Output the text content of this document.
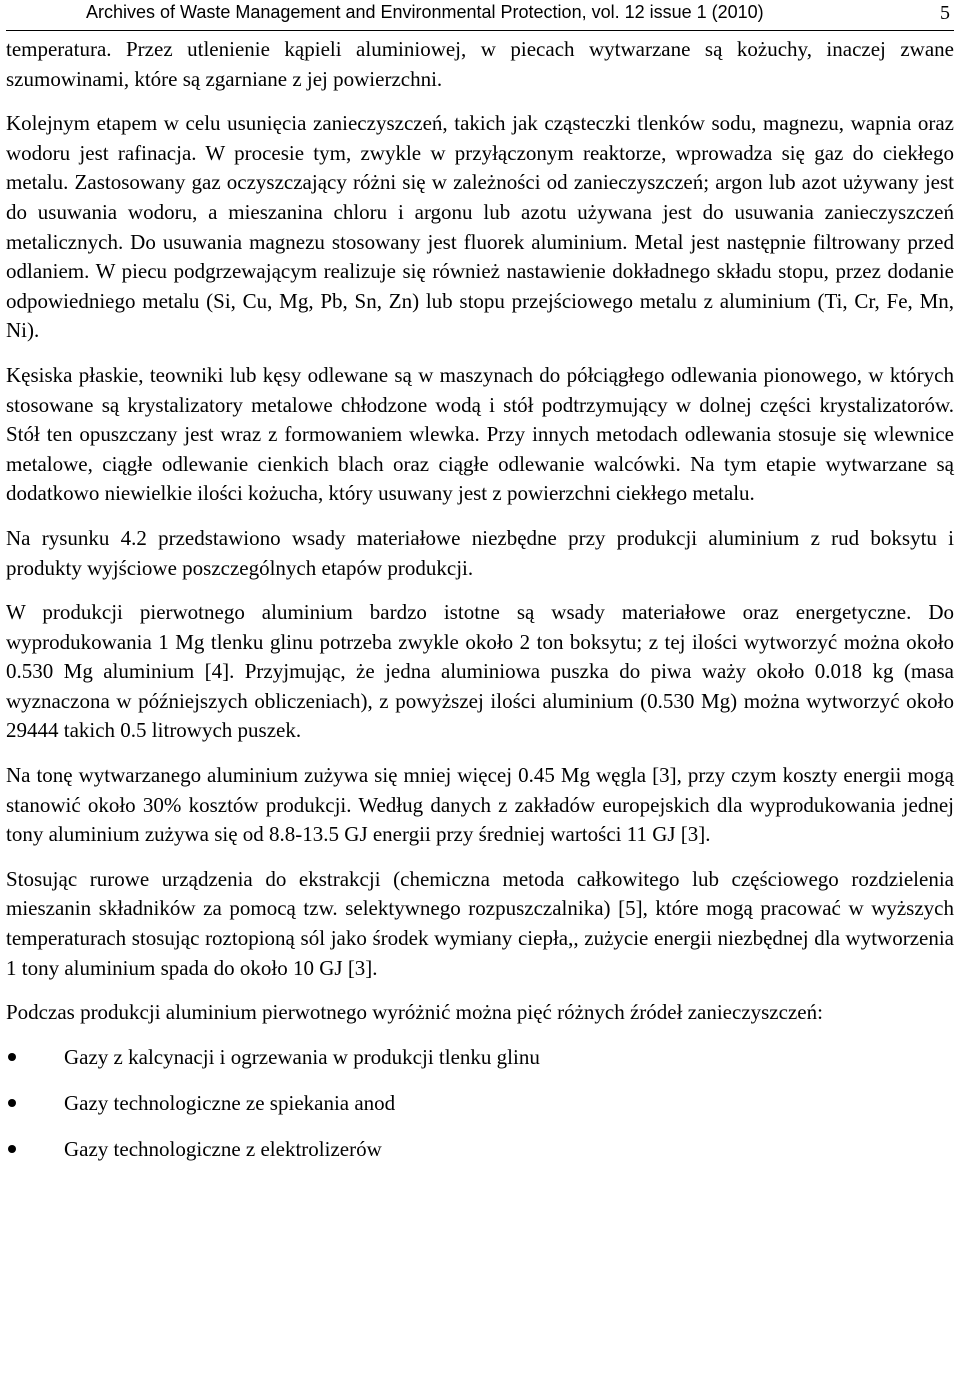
Archives of Waste Management and Environmental Protection, vol. 12 issue 1 (2010)	5

temperatura. Przez utlenienie kąpieli aluminiowej, w piecach wytwarzane są kożuchy, inaczej zwane szumowinami, które są zgarniane z jej powierzchni.

Kolejnym etapem w celu usunięcia zanieczyszczeń, takich jak cząsteczki tlenków sodu, magnezu, wapnia oraz wodoru jest rafinacja. W procesie tym, zwykle w przyłączonym reaktorze, wprowadza się gaz do ciekłego metalu. Zastosowany gaz oczyszczający różni się w zależności od zanieczyszczeń; argon lub azot używany jest do usuwania wodoru, a mieszanina chloru i argonu lub azotu używana jest do usuwania zanieczyszczeń metalicznych. Do usuwania magnezu stosowany jest fluorek aluminium. Metal jest następnie filtrowany przed odlaniem. W piecu podgrzewającym realizuje się również nastawienie dokładnego składu stopu, przez dodanie odpowiedniego metalu (Si, Cu, Mg, Pb, Sn, Zn) lub stopu przejściowego metalu z aluminium (Ti, Cr, Fe, Mn, Ni).

Kęsiska płaskie, teowniki lub kęsy odlewane są w maszynach do półciągłego odlewania pionowego, w których stosowane są krystalizatory metalowe chłodzone wodą i stół podtrzymujący w dolnej części krystalizatorów. Stół ten opuszczany jest wraz z formowaniem wlewka. Przy innych metodach odlewania stosuje się wlewnice metalowe, ciągłe odlewanie cienkich blach oraz ciągłe odlewanie walcówki. Na tym etapie wytwarzane są dodatkowo niewielkie ilości kożucha, który usuwany jest z powierzchni ciekłego metalu.

Na rysunku 4.2 przedstawiono wsady materiałowe niezbędne przy produkcji aluminium z rud boksytu i produkty wyjściowe poszczególnych etapów produkcji.

W produkcji pierwotnego aluminium bardzo istotne są wsady materiałowe oraz energetyczne. Do wyprodukowania 1 Mg tlenku glinu potrzeba zwykle około 2 ton boksytu; z tej ilości wytworzyć można około 0.530 Mg aluminium [4]. Przyjmując, że jedna aluminiowa puszka do piwa waży około 0.018 kg (masa wyznaczona w późniejszych obliczeniach), z powyższej ilości aluminium (0.530 Mg) można wytworzyć około 29444 takich 0.5 litrowych puszek.

Na tonę wytwarzanego aluminium zużywa się mniej więcej 0.45 Mg węgla [3], przy czym koszty energii mogą stanowić około 30% kosztów produkcji. Według danych z zakładów europejskich dla wyprodukowania jednej tony aluminium zużywa się od 8.8-13.5 GJ energii przy średniej wartości 11 GJ [3].

Stosując rurowe urządzenia do ekstrakcji (chemiczna metoda całkowitego lub częściowego rozdzielenia mieszanin składników za pomocą tzw. selektywnego rozpuszczalnika) [5], które mogą pracować w wyższych temperaturach stosując roztopioną sól jako środek wymiany ciepła,, zużycie energii niezbędnej dla wytworzenia 1 tony aluminium spada do około 10 GJ [3].

Podczas produkcji aluminium pierwotnego wyróżnić można pięć różnych źródeł zanieczyszczeń:

Gazy z kalcynacji i ogrzewania w produkcji tlenku glinu
Gazy technologiczne ze spiekania anod
Gazy technologiczne z elektrolizerów
